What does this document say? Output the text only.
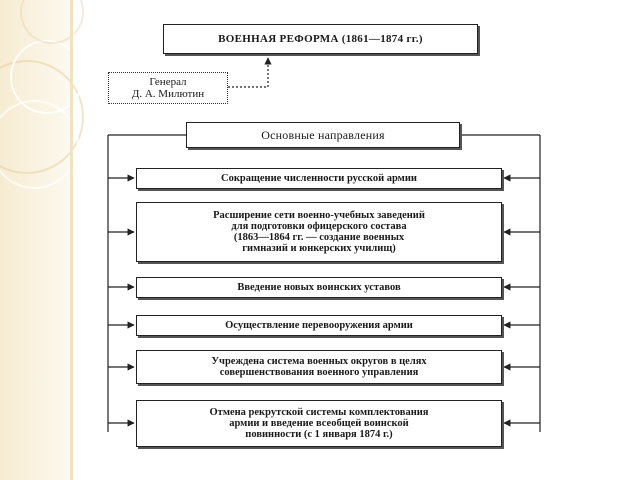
ВОЕННАЯ РЕФОРМА (1861—1874 гг.)
Генерал
Д. А. Милютин
Основные направления
Сокращение численности русской армии
Расширение сети военно-учебных заведений
для подготовки офицерского состава
(1863—1864 гг. — создание военных
гимназий и юнкерских училищ)
Введение новых воинских уставов
Осуществление перевооружения армии
Учреждена система военных округов в целях
совершенствования военного управления
Отмена рекрутской системы комплектования
армии и введение всеобщей воинской
повинности (с 1 января 1874 г.)
